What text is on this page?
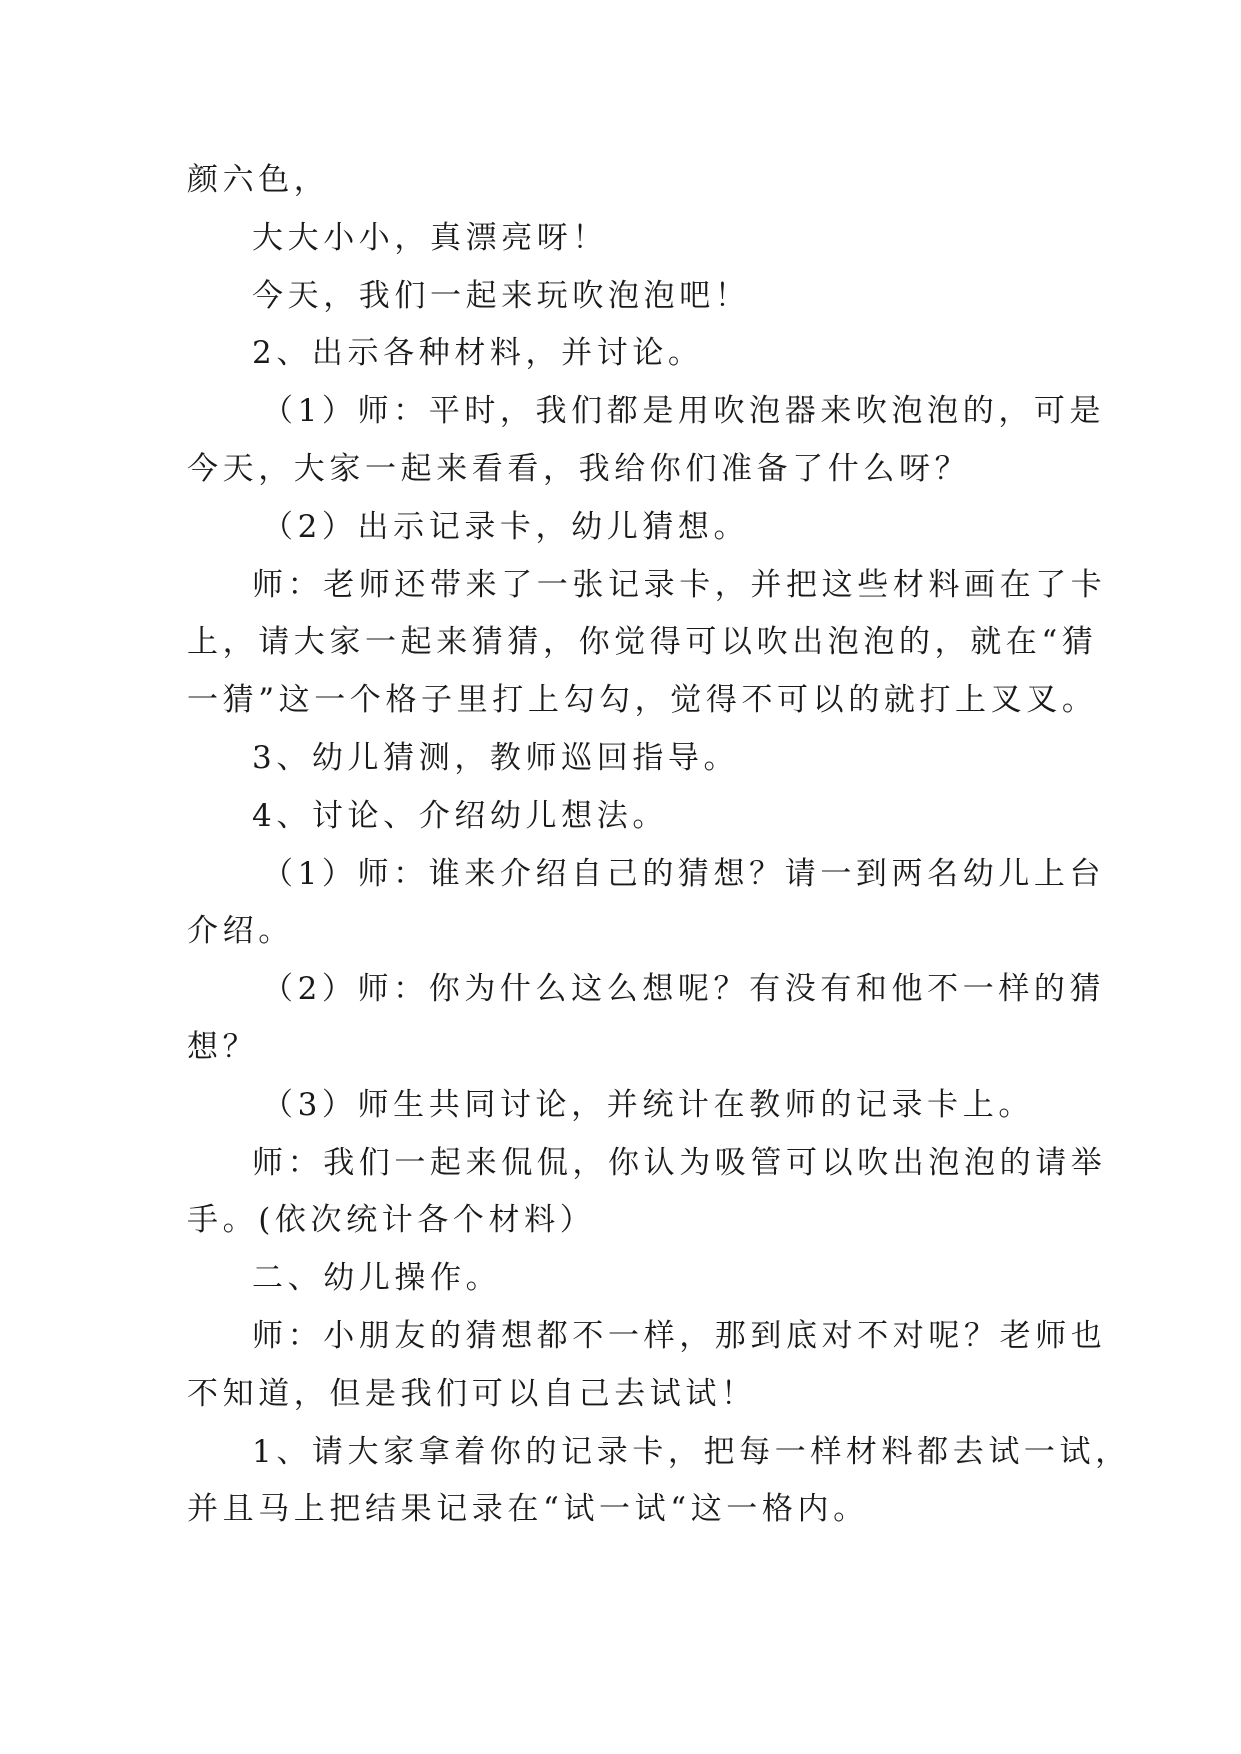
颜六色，

大大小小，真漂亮呀！

今天，我们一起来玩吹泡泡吧！

2、出示各种材料，并讨论。

（1）师：平时，我们都是用吹泡器来吹泡泡的，可是

今天，大家一起来看看，我给你们准备了什么呀？

（2）出示记录卡，幼儿猜想。

师：老师还带来了一张记录卡，并把这些材料画在了卡

上，请大家一起来猜猜，你觉得可以吹出泡泡的，就在“猜

一猜”这一个格子里打上勾勾，觉得不可以的就打上叉叉。

3、幼儿猜测，教师巡回指导。

4、讨论、介绍幼儿想法。

（1）师：谁来介绍自己的猜想？请一到两名幼儿上台

介绍。

（2）师：你为什么这么想呢？有没有和他不一样的猜

想？

（3）师生共同讨论，并统计在教师的记录卡上。

师：我们一起来侃侃，你认为吸管可以吹出泡泡的请举

手。(依次统计各个材料）

二、幼儿操作。

师：小朋友的猜想都不一样，那到底对不对呢？老师也

不知道，但是我们可以自己去试试！

1、请大家拿着你的记录卡，把每一样材料都去试一试，

并且马上把结果记录在“试一试“这一格内。
